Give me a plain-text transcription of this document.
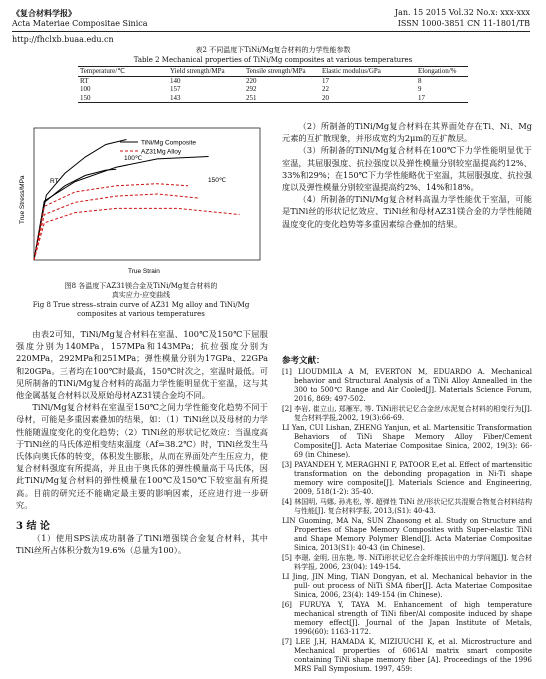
《复合材料学报》
Acta Materiae Compositae Sinica
http://fhclxb.buaa.edu.cn
Jan. 15 2015 Vol.32 No.x: xxx-xxx
ISSN 1000-3851 CN 11-1801/TB
表2 不同温度下TiNi/Mg复合材料的力学性能参数
Table 2 Mechanical properties of TiNi/Mg composites at various temperatures
Temperature/℃	Yield strength/MPa	Tensile strength/MPa	Elastic modulus/GPa	Elongation/%
RT	140	220	17	8
100	157	292	22	9
150	143	251	20	17
TiNi/Mg Composite
AZ31Mg Alloy
RT
100℃
150℃
True Stress/MPa
True Strain
图8 各温度下AZ31镁合金及TiNi/Mg复合材料的
真实应力-应变曲线
Fig 8 True stress–strain curve of AZ31 Mg alloy and TiNi/Mg
composites at various temperatures

由表2可知，TiNi/Mg复合材料在室温、100℃及150℃下屈服强度分别为140MPa，157MPa和143MPa；抗拉强度分别为220MPa，292MPa和251MPa；弹性模量分别为17GPa、22GPa和20GPa。三者均在100℃时最高，150℃时次之，室温时最低。可见所制备的TiNi/Mg复合材料的高温力学性能明显优于室温，这与其他金属基复合材料以及原始母材AZ31镁合金均不同。

TiNi/Mg复合材料在室温至150℃之间力学性能变化趋势不同于母材，可能是多重因素叠加的结果，如：（1）TiNi丝以及母材的力学性能随温度变化的变化趋势；（2）TiNi丝的形状记忆效应：当温度高于TiNi丝的马氏体逆相变结束温度（Af=38.2℃）时，TiNi丝发生马氏体向奥氏体的转变，体积发生膨胀，从而在界面处产生压应力，使复合材料强度有所提高，并且由于奥氏体的弹性模量高于马氏体，因此TiNi/Mg复合材料的弹性模量在100℃及150℃下较室温有所提高。目前的研究还不能确定最主要的影响因素，还应进行进一步研究。

3 结 论

（1）使用SPS法成功制备了TiNi增强镁合金复合材料，其中TiNi丝所占体积分数为19.6%（总量为100）。

（2）所制备的TiNi/Mg复合材料在其界面处存在Ti、Ni、Mg元素的互扩散现象，并形成宽约为2μm的互扩散层。

（3）所制备的TiNi/Mg复合材料在100℃下力学性能明显优于室温，其屈服强度、抗拉强度以及弹性模量分别较室温提高约12%、33%和29%；在150℃下力学性能略优于室温，其屈服强度、抗拉强度以及弹性模量分别较室温提高约2%、14%和18%。

（4）所制备的TiNi/Mg复合材料高温力学性能优于室温，可能是TiNi丝的形状记忆效应、TiNi丝和母材AZ31镁合金的力学性能随温度变化的变化趋势等多重因素综合叠加的结果。

参考文献：

[1] LIOUDMILA A M, EVERTON M, EDUARDO A. Mechanical behavior and Structural Analysis of a TiNi Alloy Annealled in the 300 to 500℃ Range and Air Cooled[J]. Materials Science Forum, 2016, 869: 497-502.

[2] 李岩, 崔立山, 郑雁军, 等. TiNi形状记忆合金丝/水泥复合材料的相变行为[J]. 复合材料学报,2002, 19(3):66-69.

LI Yan, CUI Lishan, ZHENG Yanjun, et al. Martensitic Transformation Behaviors of TiNi Shape Memory Alloy Fiber/Cement Composite[J]. Acta Materiae Compositae Sinica, 2002, 19(3): 66-69 (in Chinese).

[3] PAYANDEH Y, MERAGHNI F, PATOOR E,et al. Effect of martensitic transformation on the debonding propagation in Ni-Ti shape memory wire composite[J]. Materials Science and Engineering, 2009, 518(1-2): 35-40.

[4] 林国明, 马娜, 孙兆松, 等. 超弹性 TiNi 丝/形状记忆共混聚合物复合材料结构与性能[J]. 复合材料学报, 2013,(S1): 40-43.

LIN Guoming, MA Na, SUN Zhaosong et al. Study on Structure and Properties of Shape Memory Composites with Super-elastic TiNi and Shape Memory Polymer Blend[J]. Acta Materiae Compositae Sinica, 2013(S1): 40-43 (in Chinese).

[5] 李璟, 金明, 田东艳, 等. NiTi形状记忆合金纤维拔出中的力学问题[J]. 复合材料学报, 2006, 23(04): 149-154.

LI Jing, JIN Ming, TIAN Dongyan, et al. Mechanical behavior in the pull- out process of NiTi SMA fiber[J]. Acta Materiae Compositae Sinica, 2006, 23(4): 149-154 (in Chinese).

[6] FURUYA Y, TAYA M. Enhancement of high temperature mechanical strength of TiNi fiber/Al composite induced by shape memory effect[J]. Journal of the Japan Institute of Metals, 1996(60): 1163-1172.

[7] LEE J,H, HAMADA K, MIZIUUCHI K, et al. Microstructure and Mechanical properties of 6061Al matrix smart composite containing TiNi shape memory fiber [A]. Proceedings of the 1996 MRS Fall Symposium. 1997, 459:
